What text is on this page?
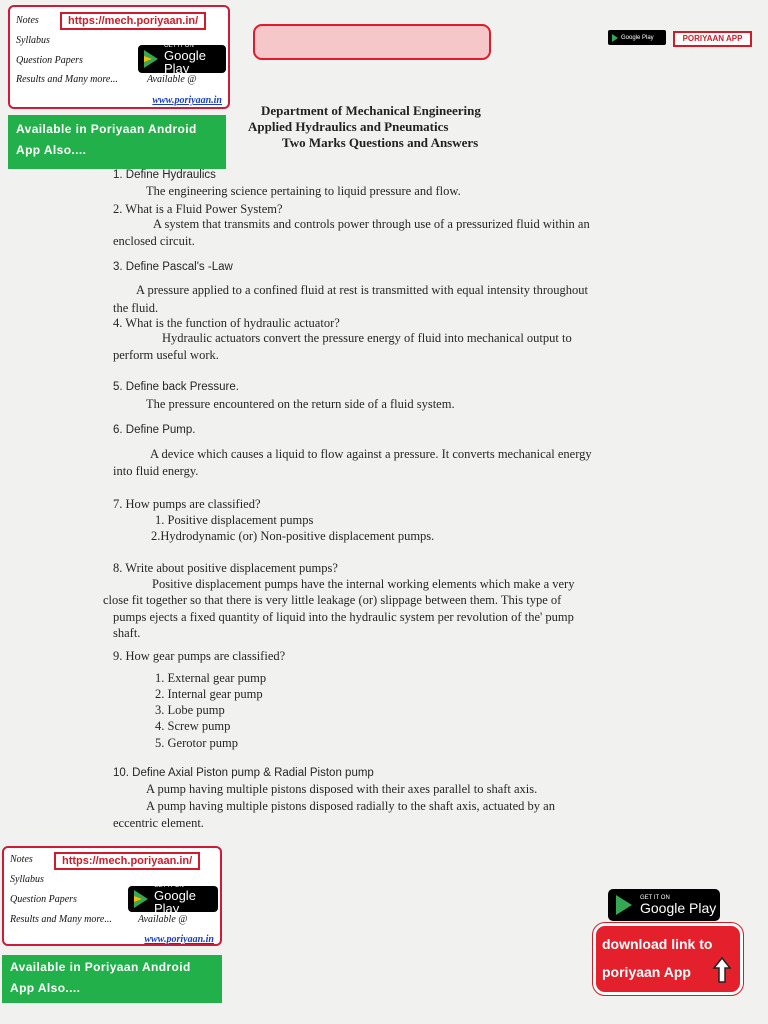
Notes	https://mech.poriyaan.in/
Syllabus
Question Papers
GET IT ON
Google Play
Results and Many more...	Available @
www.poriyaan.in
Available in Poriyaan Android
App Also....
Google Play	PORIYAAN APP
Department of Mechanical Engineering
Applied Hydraulics and Pneumatics
Two Marks Questions and Answers
1. Define Hydraulics
The engineering science pertaining to liquid pressure and flow.
2. What is a Fluid Power System?
A system that transmits and controls power through use of a pressurized fluid within an
enclosed circuit.
3. Define Pascal's -Law
A pressure applied to a confined fluid at rest is transmitted with equal intensity throughout
the fluid.
4. What is the function of hydraulic actuator?
Hydraulic actuators convert the pressure energy of fluid into mechanical output to
perform useful work.
5. Define back Pressure.
The pressure encountered on the return side of a fluid system.
6. Define Pump.
A device which causes a liquid to flow against a pressure. It converts mechanical energy
into fluid energy.
7. How pumps are classified?
1. Positive displacement pumps
2.Hydrodynamic (or) Non-positive displacement pumps.
8. Write about positive displacement pumps?
Positive displacement pumps have the internal working elements which make a very
close fit together so that there is very little leakage (or) slippage between them. This type of
pumps ejects a fixed quantity of liquid into the hydraulic system per revolution of the' pump
shaft.
9. How gear pumps are classified?
1. External gear pump
2. Internal gear pump
3. Lobe pump
4. Screw pump
5. Gerotor pump
10. Define Axial Piston pump & Radial Piston pump
A pump having multiple pistons disposed with their axes parallel to shaft axis.
A pump having multiple pistons disposed radially to the shaft axis, actuated by an
eccentric element.
Notes	https://mech.poriyaan.in/
Syllabus
Question Papers
GET IT ON
Google Play
Results and Many more...	Available @
www.poriyaan.in
Available in Poriyaan Android
App Also....
GET IT ON
Google Play
download link to
poriyaan App
